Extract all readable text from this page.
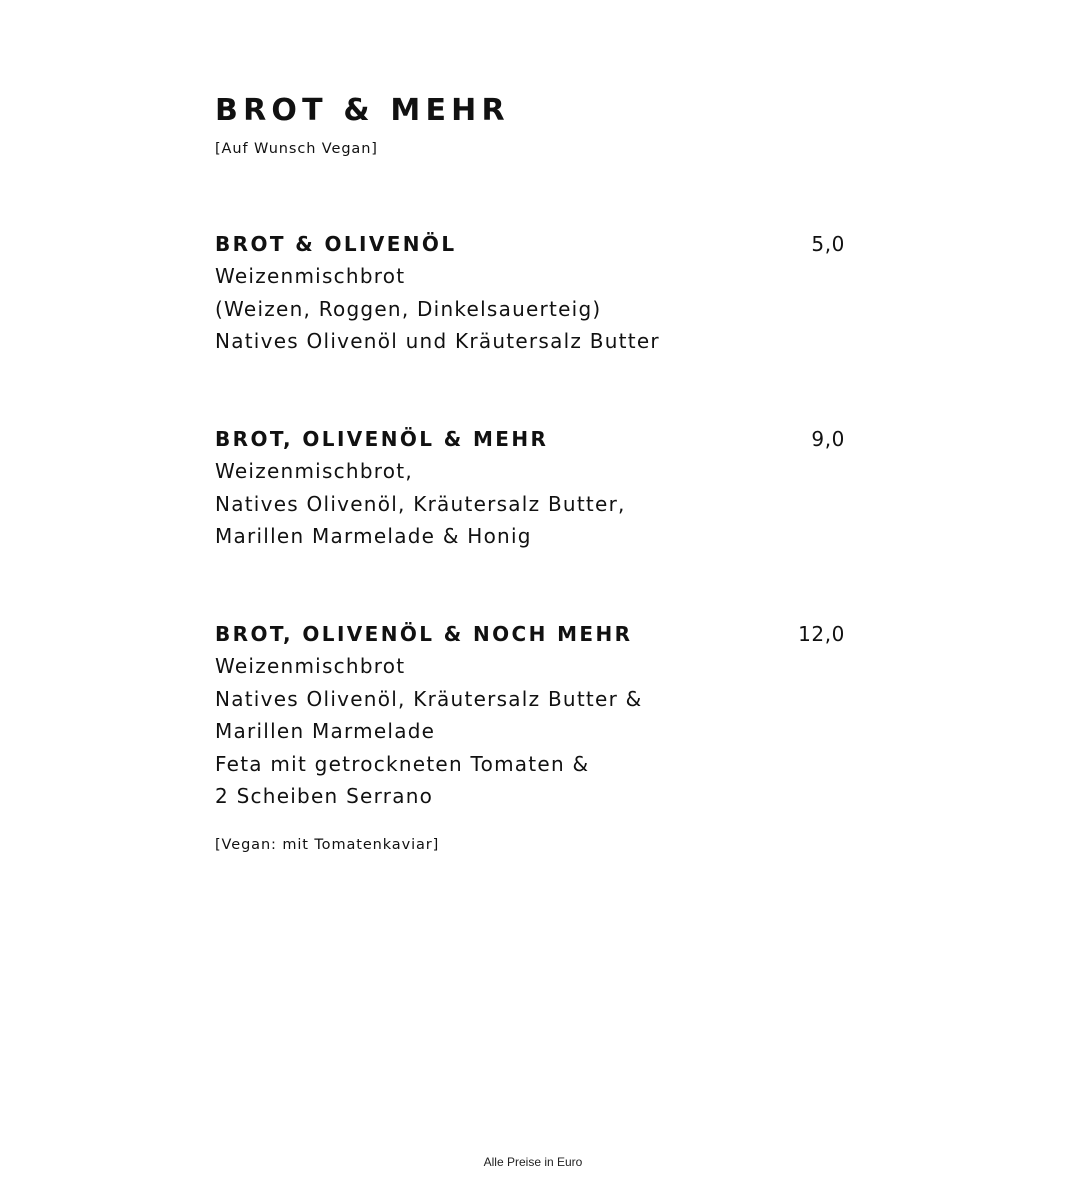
BROT & MEHR
[Auf Wunsch Vegan]
BROT & OLIVENÖL	5,0
Weizenmischbrot
(Weizen, Roggen, Dinkelsauerteig)
Natives Olivenöl und Kräutersalz Butter
BROT, OLIVENÖL & MEHR	9,0
Weizenmischbrot,
Natives Olivenöl, Kräutersalz Butter,
Marillen Marmelade & Honig
BROT, OLIVENÖL & NOCH MEHR	12,0
Weizenmischbrot
Natives Olivenöl, Kräutersalz Butter &
Marillen Marmelade
Feta mit getrockneten Tomaten &
2 Scheiben Serrano
[Vegan: mit Tomatenkaviar]
Alle Preise in Euro
